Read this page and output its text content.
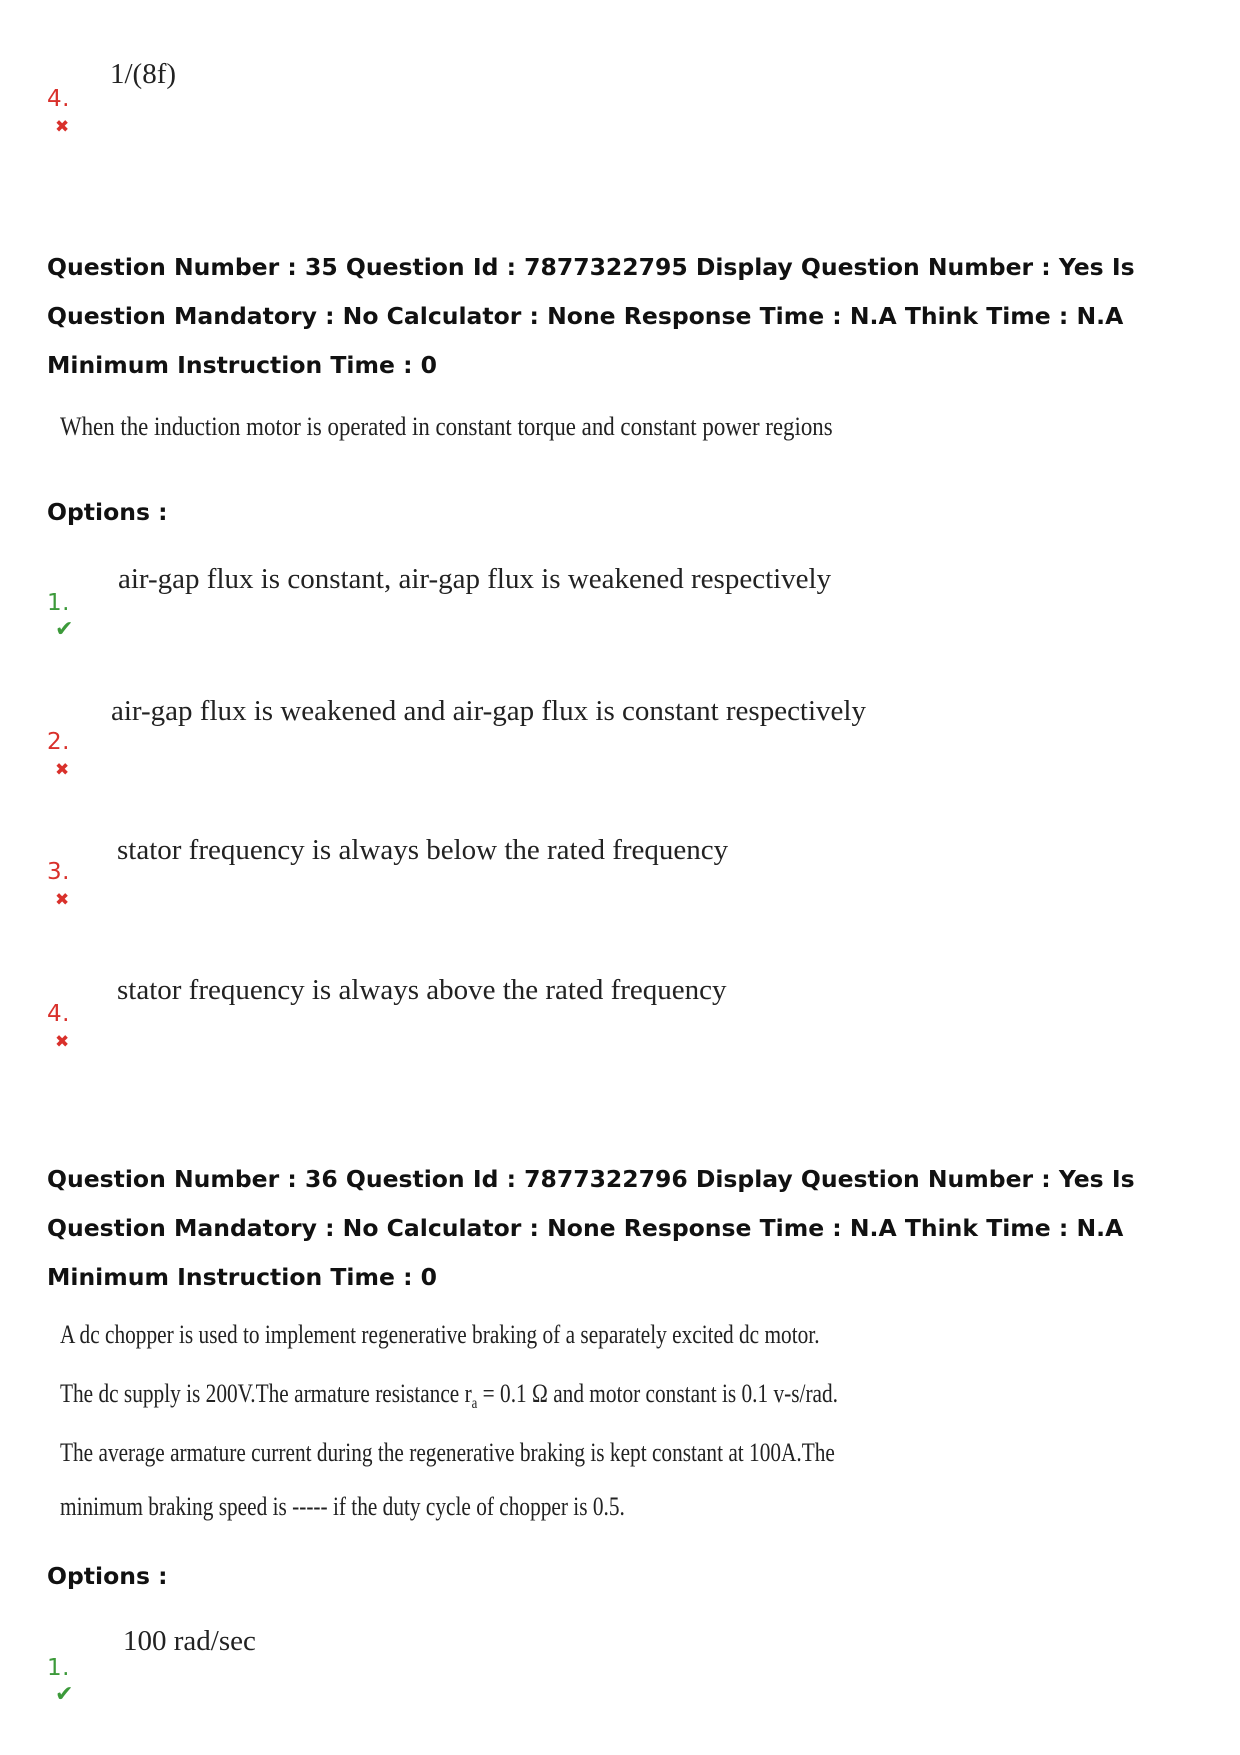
1/(8f)
4.✖
Question Number : 35 Question Id : 7877322795 Display Question Number : Yes Is Question Mandatory : No Calculator : None Response Time : N.A Think Time : N.A Minimum Instruction Time : 0
When the induction motor is operated in constant torque and constant power regions
Options :
air-gap flux is constant, air-gap flux is weakened respectively
1.✔
air-gap flux is weakened and air-gap flux is constant respectively
2.✖
stator frequency is always below the rated frequency
3.✖
stator frequency is always above the rated frequency
4.✖
Question Number : 36 Question Id : 7877322796 Display Question Number : Yes Is Question Mandatory : No Calculator : None Response Time : N.A Think Time : N.A Minimum Instruction Time : 0
A dc chopper is used to implement regenerative braking of a separately excited dc motor.
The dc supply is 200V.The armature resistance $r_a = 0.1$ Ω and motor constant is 0.1 v-s/rad.
The average armature current during the regenerative braking is kept constant at 100A.The
minimum braking speed is ----- if the duty cycle of chopper is 0.5.
Options :
100 rad/sec
1.✔
